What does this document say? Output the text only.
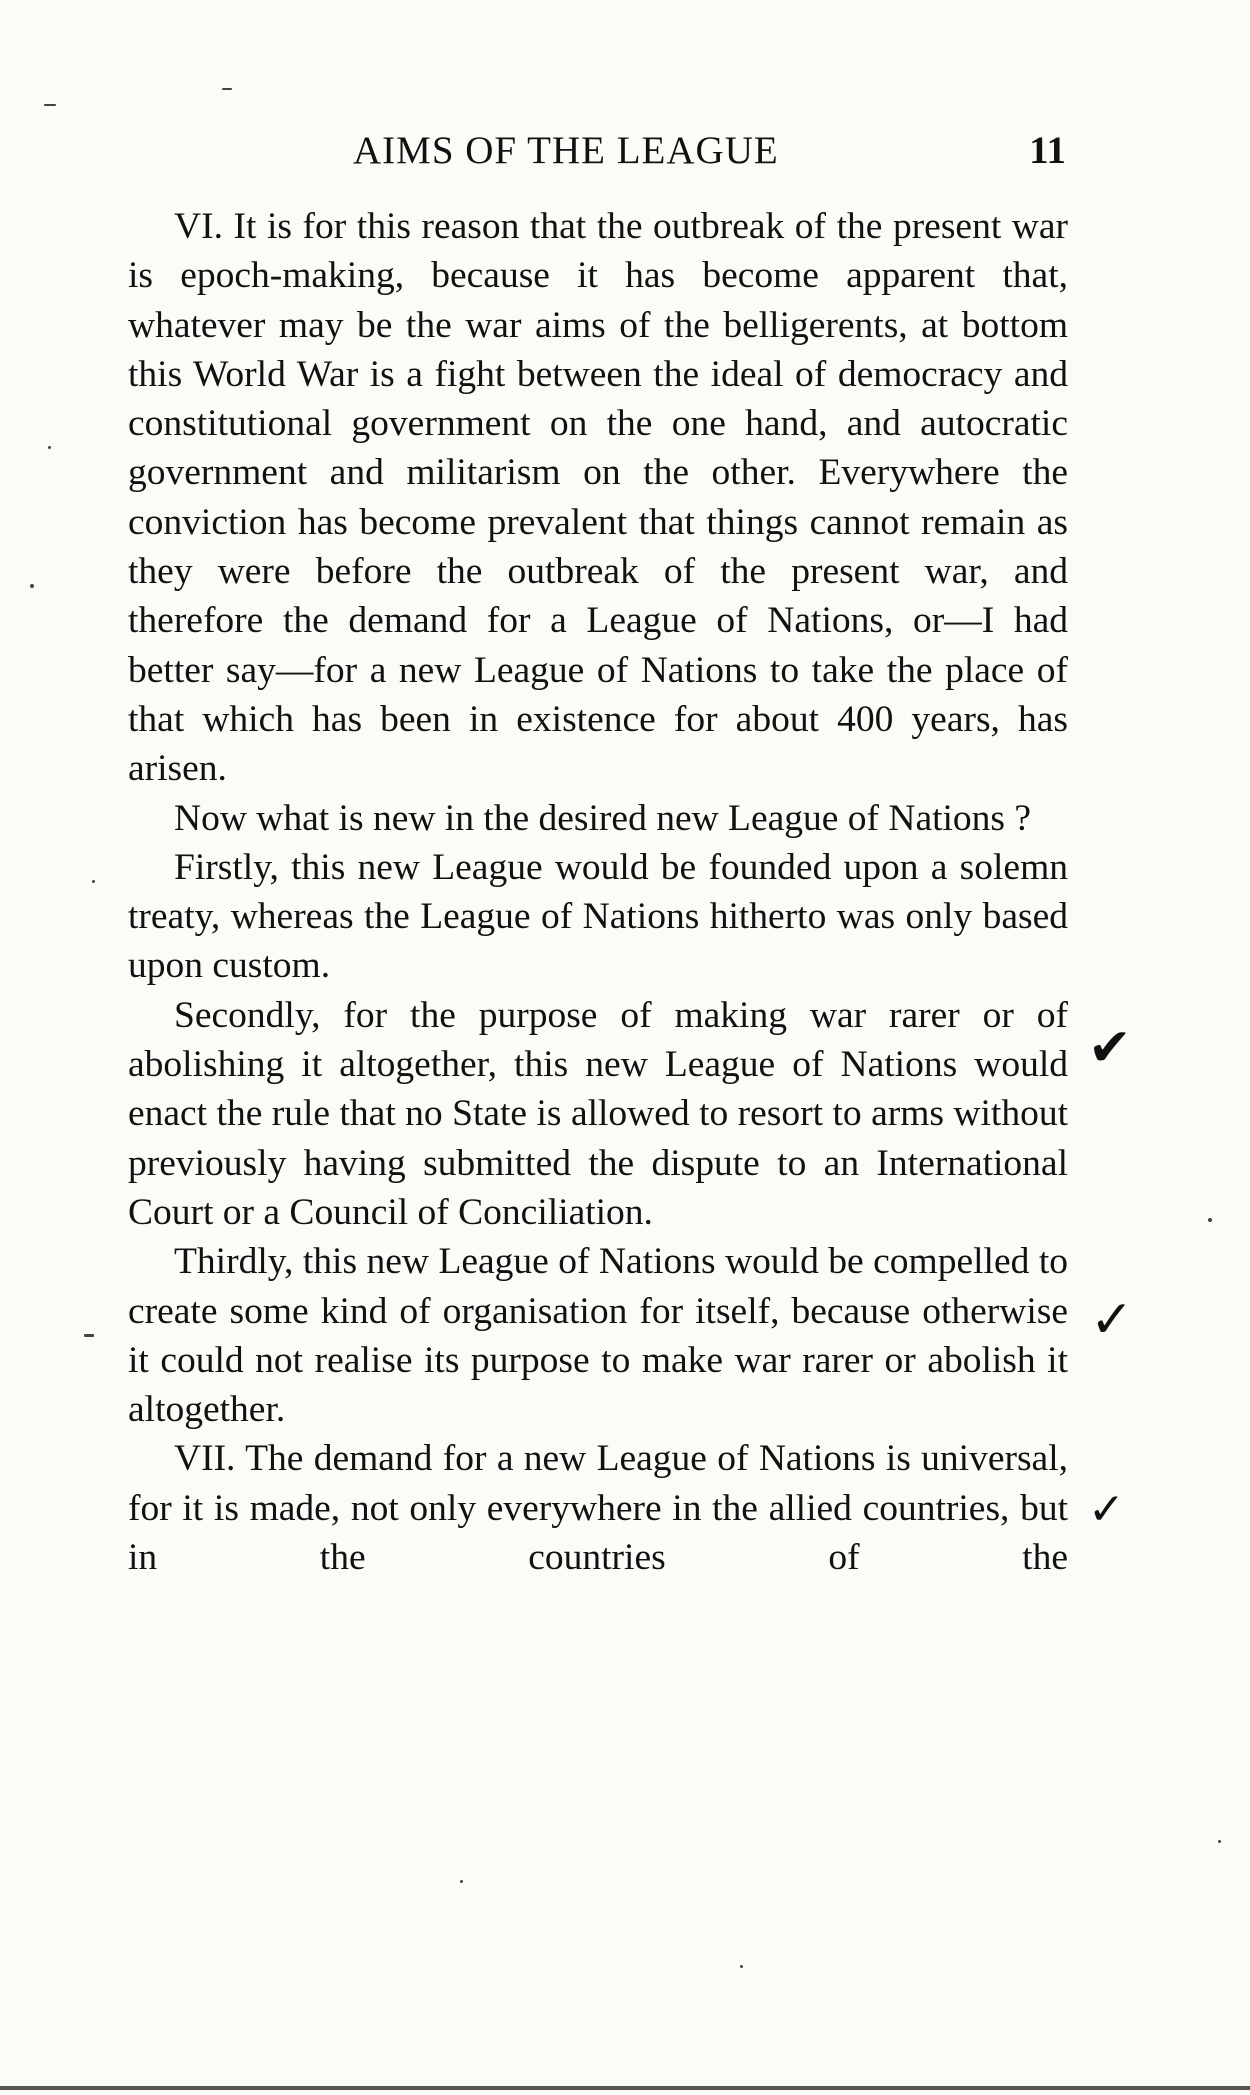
AIMS OF THE LEAGUE	11

VI. It is for this reason that the outbreak of the present war is epoch-making, because it has become apparent that, whatever may be the war aims of the belligerents, at bottom this World War is a fight between the ideal of democracy and constitutional government on the one hand, and autocratic government and militarism on the other. Everywhere the conviction has become prevalent that things cannot remain as they were before the outbreak of the present war, and therefore the demand for a League of Nations, or—I had better say—for a new League of Nations to take the place of that which has been in existence for about 400 years, has arisen.

Now what is new in the desired new League of Nations ?

Firstly, this new League would be founded upon a solemn treaty, whereas the League of Nations hitherto was only based upon custom.

Secondly, for the purpose of making war rarer or of abolishing it altogether, this new League of Nations would enact the rule that no State is allowed to resort to arms without previously having submitted the dispute to an International Court or a Council of Conciliation.

Thirdly, this new League of Nations would be compelled to create some kind of organisation for itself, because otherwise it could not realise its purpose to make war rarer or abolish it altogether.

VII. The demand for a new League of Nations is universal, for it is made, not only everywhere in the allied countries, but in the countries of the

✔
✓
✓
